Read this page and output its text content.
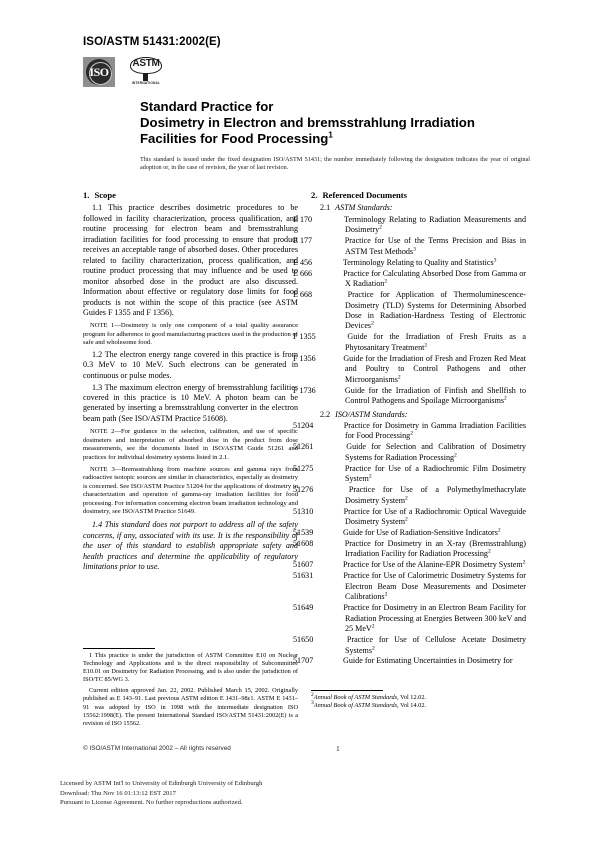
ISO/ASTM 51431:2002(E)
ISO
ASTM
INTERNATIONAL
Standard Practice for
Dosimetry in Electron and bremsstrahlung Irradiation
Facilities for Food Processing$^1$
This standard is issued under the fixed designation ISO/ASTM 51431; the number immediately following the designation indicates the year of original adoption or, in the case of revision, the year of last revision.
1. Scope

1.1 This practice describes dosimetric procedures to be followed in facility characterization, process qualification, and routine processing for electron beam and bremsstrahlung irradiation facilities for food processing to ensure that product receives an acceptable range of absorbed doses. Other procedures related to facility characterization, process qualification, and routine product processing that may influence and be used to monitor absorbed dose in the product are also discussed. Information about effective or regulatory dose limits for food products is not within the scope of this practice (see ASTM Guides F 1355 and F 1356).

NOTE 1—Dosimetry is only one component of a total quality assurance program for adherence to good manufacturing practices used in the production of safe and wholesome food.

1.2 The electron energy range covered in this practice is from 0.3 MeV to 10 MeV. Such electrons can be generated in continuous or pulse modes.

1.3 The maximum electron energy of bremsstrahlung facilities covered in this practice is 10 MeV. A photon beam can be generated by inserting a bremsstrahlung converter in the electron beam path (See ISO/ASTM Practice 51608).

NOTE 2—For guidance in the selection, calibration, and use of specific dosimeters and interpretation of absorbed dose in the product from dose measurements, see the documents listed in ISO/ASTM Guide 51261 and practices for individual dosimetry systems listed in 2.1.

NOTE 3—Bremsstrahlung from machine sources and gamma rays from radioactive isotopic sources are similar in characteristics, especially as dosimetry is concerned. See ISO/ASTM Practice 51204 for the applications of dosimetry in characterization and operation of gamma-ray irradiation facilities for food processing. For information concerning electron beam irradiation technology and dosimetry, see ISO/ASTM Practice 51649.

1.4 This standard does not purport to address all of the safety concerns, if any, associated with its use. It is the responsibility of the user of this standard to establish appropriate safety and health practices and determine the applicability of regulatory limitations prior to use.

2. Referenced Documents
2.1 ASTM Standards:
E 170	Terminology Relating to Radiation Measurements and Dosimetry$^2$
E 177	Practice for Use of the Terms Precision and Bias in ASTM Test Methods$^3$
E 456	Terminology Relating to Quality and Statistics$^3$
E 666	Practice for Calculating Absorbed Dose from Gamma or X Radiation$^2$
E 668	Practice for Application of Thermoluminescence-Dosimetry (TLD) Systems for Determining Absorbed Dose in Radiation-Hardness Testing of Electronic Devices$^2$
F 1355	Guide for the Irradiation of Fresh Fruits as a Phytosanitary Treatment$^2$
F 1356	Guide for the Irradiation of Fresh and Frozen Red Meat and Poultry to Control Pathogens and other Microorganisms$^2$
F 1736	Guide for the Irradiation of Finfish and Shellfish to Control Pathogens and Spoilage Microorganisms$^2$
2.2 ISO/ASTM Standards:
51204	Practice for Dosimetry in Gamma Irradiation Facilities for Food Processing$^2$
51261	Guide for Selection and Calibration of Dosimetry Systems for Radiation Processing$^2$
51275	Practice for Use of a Radiochromic Film Dosimetry System$^2$
51276	Practice for Use of a Polymethylmethacrylate Dosimetry System$^2$
51310	Practice for Use of a Radiochromic Optical Waveguide Dosimetry System$^2$
51539	Guide for Use of Radiation-Sensitive Indicators$^2$
51608	Practice for Dosimetry in an X-ray (Bremsstrahlung) Irradiation Facility for Radiation Processing$^2$
51607	Practice for Use of the Alanine-EPR Dosimetry System$^2$
51631	Practice for Use of Calorimetric Dosimetry Systems for Electron Beam Dose Measurements and Dosimeter Calibrations$^2$
51649	Practice for Dosimetry in an Electron Beam Facility for Radiation Processing at Energies Between 300 keV and 25 MeV$^2$
51650	Practice for Use of Cellulose Acetate Dosimetry Systems$^2$
51707	Guide for Estimating Uncertainties in Dosimetry for

1 This practice is under the jurisdiction of ASTM Committee E10 on Nuclear Technology and Applications and is the direct responsibility of Subcommittee E10.01 on Dosimetry for Radiation Processing, and is also under the jurisdiction of ISO/TC 85/WG 3.

Current edition approved Jan. 22, 2002. Published March 15, 2002. Originally published as E 143–91. Last previous ASTM edition E 1431–98ε1. ASTM E 1431–91 was adopted by ISO in 1998 with the intermediate designation ISO 15562:1998(E). The present International Standard ISO/ASTM 51431:2002(E) is a revision of ISO 15562.

$^2$Annual Book of ASTM Standards, Vol 12.02.

$^3$Annual Book of ASTM Standards, Vol 14.02.

© ISO/ASTM International 2002 – All rights reserved	1
Licensed by ASTM Int'l to University of Edinburgh University of Edinburgh
Download: Thu Nov 16 01:13:12 EST 2017
Pursuant to License Agreement. No further reproductions authorized.
